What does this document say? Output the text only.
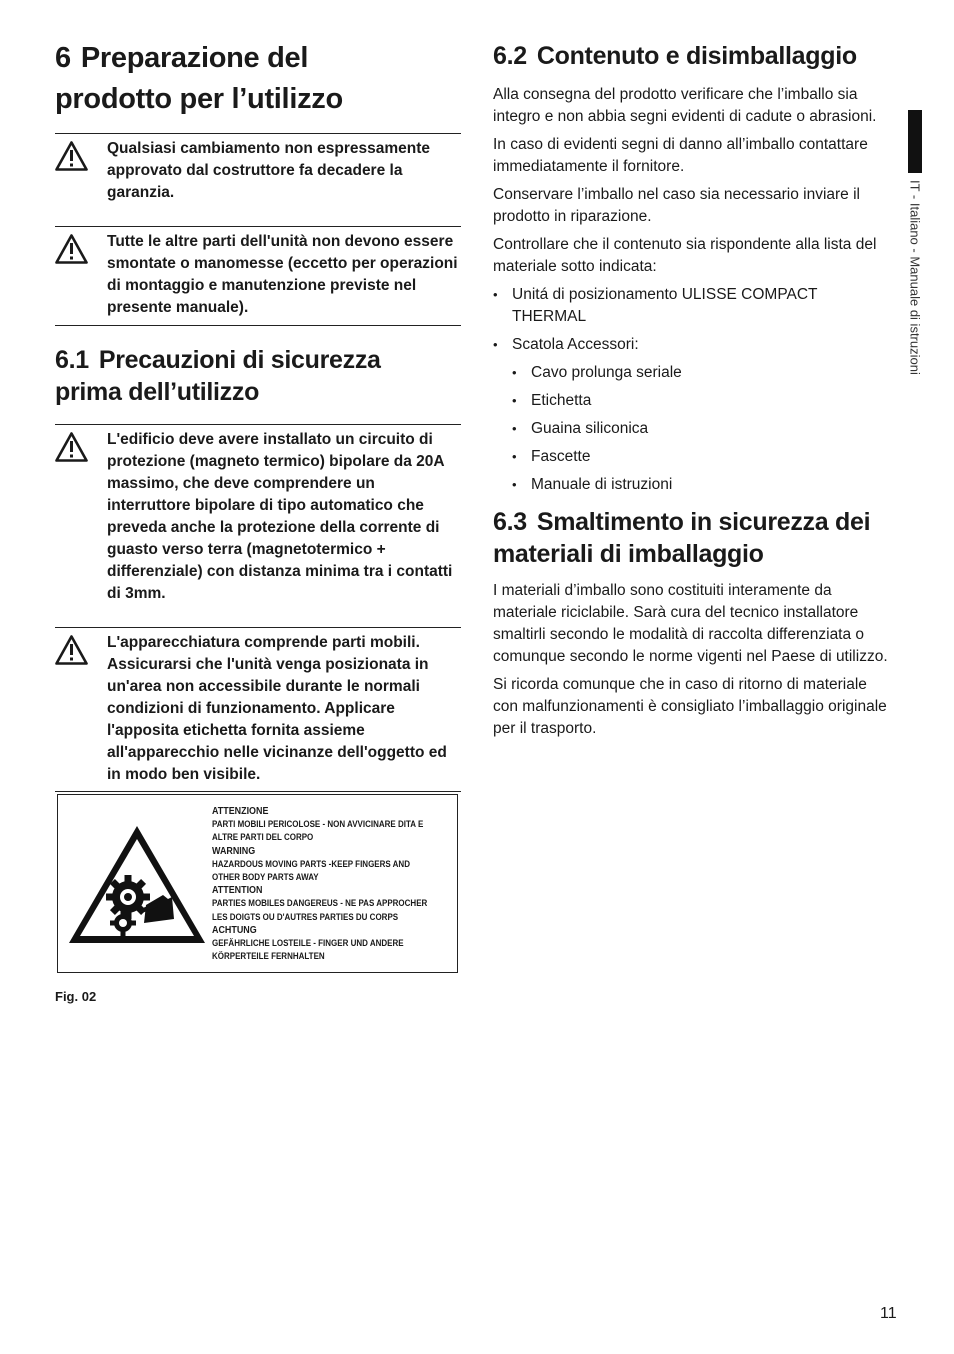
6 Preparazione del
prodotto per l’utilizzo
Qualsiasi cambiamento non espressamente approvato dal costruttore fa decadere la garanzia.
Tutte le altre parti dell'unità non devono essere smontate o manomesse (eccetto per operazioni di montaggio e manutenzione previste nel presente manuale).
6.1 Precauzioni di sicurezza
prima dell’utilizzo
L'edificio deve avere installato un circuito di protezione (magneto termico) bipolare da 20A massimo, che deve comprendere un interruttore bipolare di tipo automatico che preveda anche la protezione della corrente di guasto verso terra (magnetotermico + differenziale) con distanza minima tra i contatti di 3mm.
L'apparecchiatura comprende parti mobili. Assicurarsi che l'unità venga posizionata in un'area non accessibile durante le normali condizioni di funzionamento. Applicare l'apposita etichetta fornita assieme all'apparecchio nelle vicinanze dell'oggetto ed in modo ben visibile.
ATTENZIONE
PARTI MOBILI PERICOLOSE - NON AVVICINARE DITA E
ALTRE PARTI DEL CORPO
WARNING
HAZARDOUS MOVING PARTS -KEEP FINGERS AND
OTHER BODY PARTS AWAY
ATTENTION
PARTIES MOBILES DANGEREUS - NE PAS APPROCHER
LES DOIGTS OU D'AUTRES PARTIES DU CORPS
ACHTUNG
GEFÄHRLICHE LOSTEILE - FINGER UND ANDERE
KÖRPERTEILE FERNHALTEN
Fig. 02
6.2 Contenuto e disimballaggio

Alla consegna del prodotto verificare che l’imballo sia integro e non abbia segni evidenti di cadute o abrasioni.

In caso di evidenti segni di danno all’imballo contattare immediatamente il fornitore.

Conservare l’imballo nel caso sia necessario inviare il prodotto in riparazione.

Controllare che il contenuto sia rispondente alla lista del materiale sotto indicata:

• Unitá di posizionamento ULISSE COMPACT THERMAL
• Scatola Accessori:
• Cavo prolunga seriale
• Etichetta
• Guaina siliconica
• Fascette
• Manuale di istruzioni
6.3 Smaltimento in sicurezza dei
materiali di imballaggio

I materiali d’imballo sono costituiti interamente da materiale riciclabile. Sarà cura del tecnico installatore smaltirli secondo le modalità di raccolta differenziata o comunque secondo le norme vigenti nel Paese di utilizzo.

Si ricorda comunque che in caso di ritorno di materiale con malfunzionamenti è consigliato l’imballaggio originale per il trasporto.

IT - Italiano - Manuale di istruzioni
11
